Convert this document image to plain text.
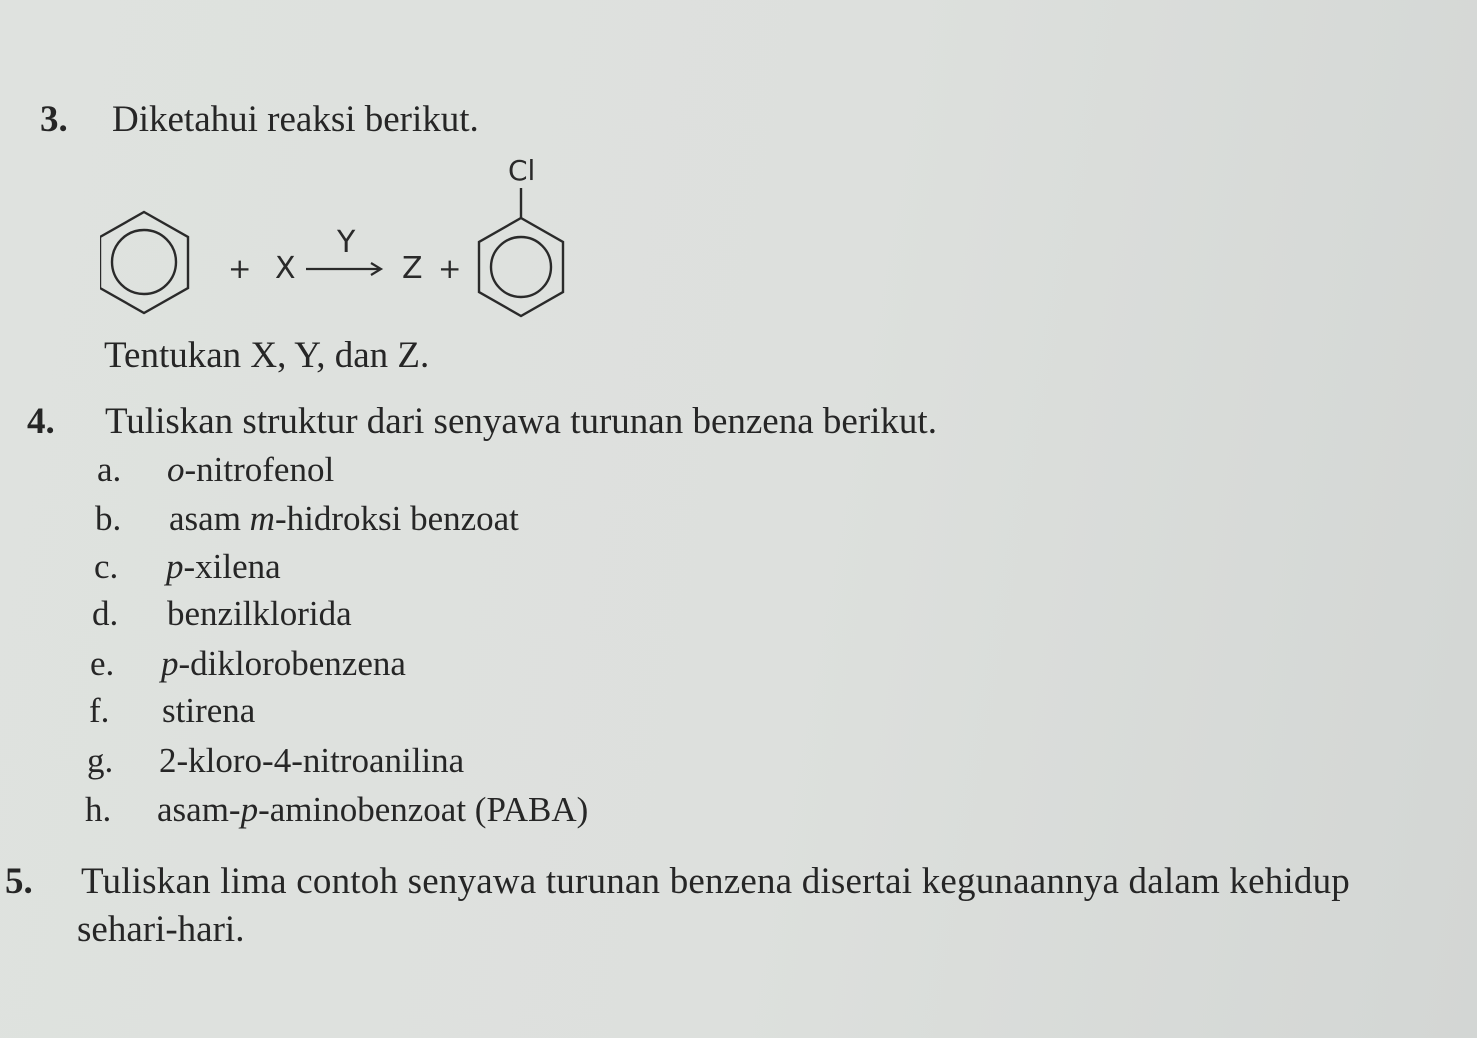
3. Diketahui reaksi berikut.
+ X
Y
Z +
Cl
Tentukan X, Y, dan Z.
4. Tuliskan struktur dari senyawa turunan benzena berikut.
a. o-nitrofenol
b. asam m-hidroksi benzoat
c. p-xilena
d. benzilklorida
e. p-diklorobenzena
f. stirena
g. 2-kloro-4-nitroanilina
h. asam-p-aminobenzoat (PABA)
5. Tuliskan lima contoh senyawa turunan benzena disertai kegunaannya dalam kehidup
sehari-hari.
